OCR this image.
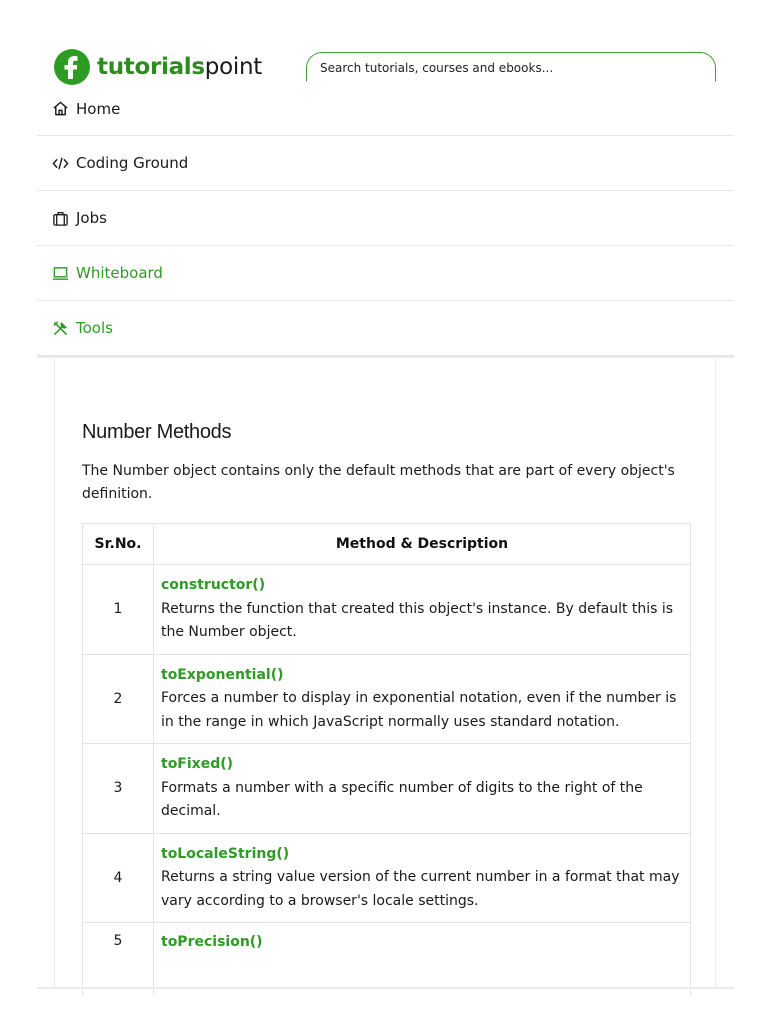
tutorialspoint	Search tutorials, courses and ebooks...
Home
Coding Ground
Jobs
Whiteboard
Tools
Number Methods

The Number object contains only the default methods that are part of every object's definition.

Sr.No.	Method & Description
1	constructor()
Returns the function that created this object's instance. By default this is the Number object.

2	toExponential()
Forces a number to display in exponential notation, even if the number is in the range in which JavaScript normally uses standard notation.

3	toFixed()
Formats a number with a specific number of digits to the right of the decimal.

4	toLocaleString()
Returns a string value version of the current number in a format that may vary according to a browser's locale settings.

5	toPrecision()
